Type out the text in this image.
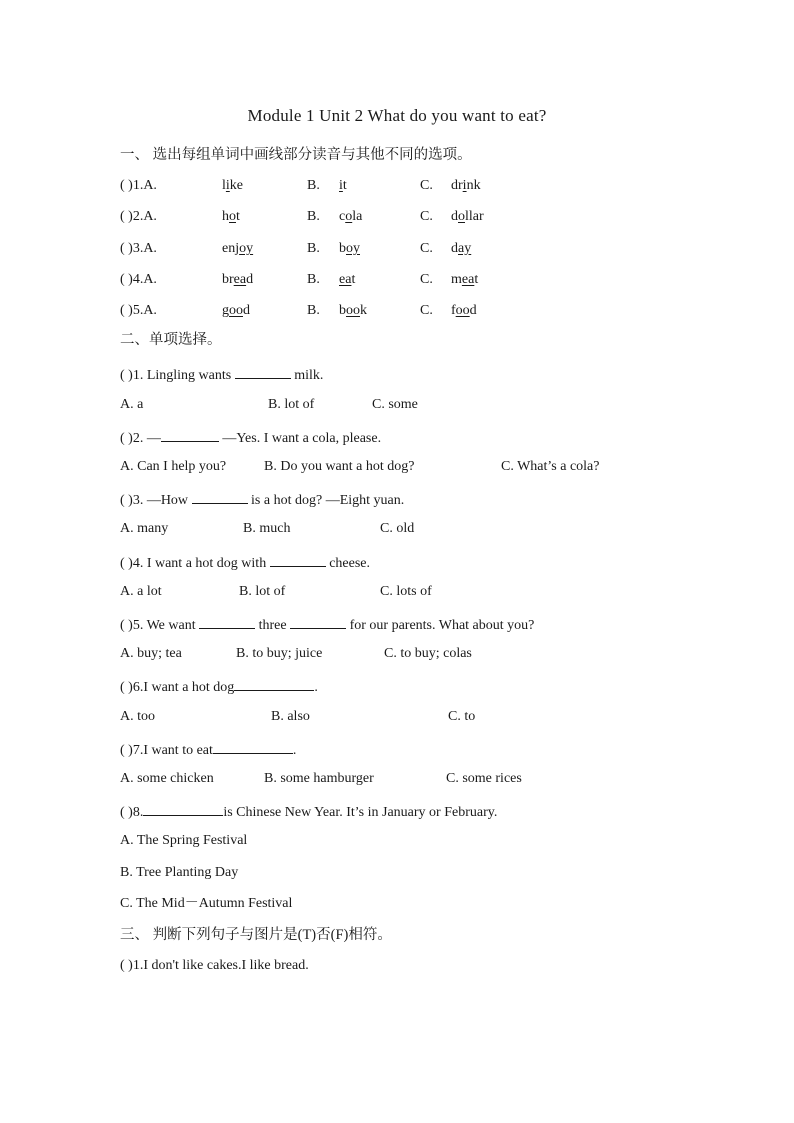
Module 1 Unit 2 What do you want to eat?
一、 选出每组单词中画线部分读音与其他不同的选项。
( )1.A.	like	B. it	C. drink
( )2.A.	hot	B. cola	C. dollar
( )3.A.	enjoy	B. boy	C. day
( )4.A.	bread	B. eat	C. meat
( )5.A.	good	B. book	C. food
二、单项选择。
( )1. Lingling wants	milk.
A. a	B. lot of	C. some
( )2. —	—Yes. I want a cola, please.
A. Can I help you?	B. Do you want a hot dog?	C. What’s a cola?
( )3. —How	is a hot dog? —Eight yuan.
A. many	B. much	C. old
( )4. I want a hot dog with	cheese.
A. a lot	B. lot of	C. lots of
( )5. We want	three	for our parents. What about you?
A. buy; tea	B. to buy; juice	C. to buy; colas
( )6.I want a hot dog	.
A. too	B. also	C. to
( )7.I want to eat	.
A. some chicken	B. some hamburger	C. some rices
( )8.	is Chinese New Year. It’s in January or February.
A. The Spring Festival
B. Tree Planting Day
C. The Mid－Autumn Festival
三、 判断下列句子与图片是(T)否(F)相符。
( )1.I don't like cakes.I like bread.
